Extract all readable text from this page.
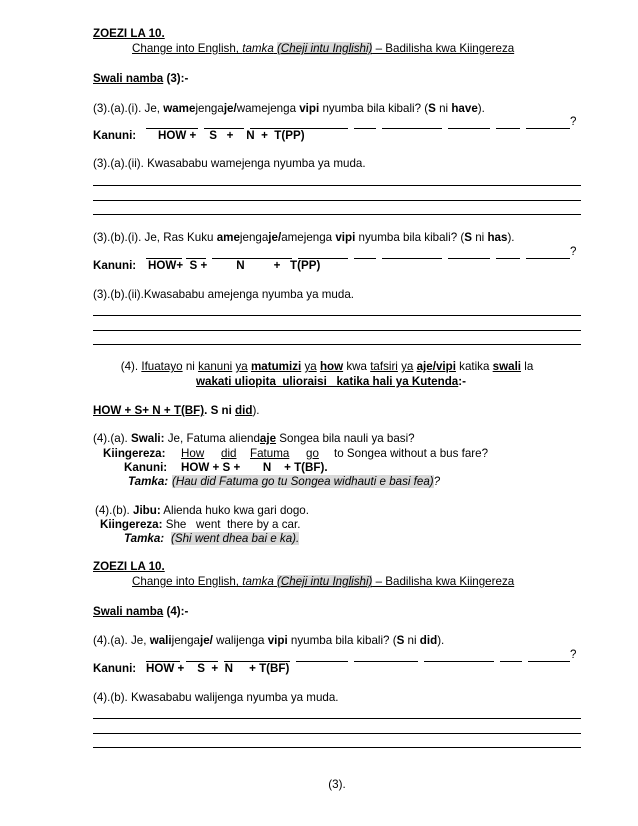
ZOEZI LA 10.
Change into English, tamka (Cheji intu Inglishi) – Badilisha kwa Kiingereza
Swali namba (3):-
(3).(a).(i). Je, wamejengaje/wamejenga vipi nyumba bila kibali? (S ni have).
?
Kanuni: HOW +    S   +    N  +  T(PP)
(3).(a).(ii). Kwasababu wamejenga nyumba ya muda.
(3).(b).(i). Je, Ras Kuku amejengaje/amejenga vipi nyumba bila kibali? (S ni has).
?
Kanuni: HOW+  S +         N         +   T(PP)
(3).(b).(ii).Kwasababu amejenga nyumba ya muda.
(4). Ifuatayo ni kanuni ya matumizi ya how kwa tafsiri ya aje/vipi katika swali la
wakati uliopita  ulioraisi   katika hali ya Kutenda:-
HOW + S+ N + T(BF). S ni did).
(4).(a). Swali: Je, Fatuma aliendaje Songea bila nauli ya basi?
Kiingereza: How did Fatuma go to Songea without a bus fare?
Kanuni: HOW + S +       N    + T(BF).
Tamka: (Hau did Fatuma go tu Songea widhauti e basi fea)?
(4).(b). Jibu: Alienda huko kwa gari dogo.
Kiingereza: She   went  there by a car.
Tamka: (Shi went dhea bai e ka).
ZOEZI LA 10.
Change into English, tamka (Cheji intu Inglishi) – Badilisha kwa Kiingereza
Swali namba (4):-
(4).(a). Je, walijengaje/ walijenga vipi nyumba bila kibali? (S ni did).
?
Kanuni: HOW +    S  +  N     + T(BF)
(4).(b). Kwasababu walijenga nyumba ya muda.
(3).
